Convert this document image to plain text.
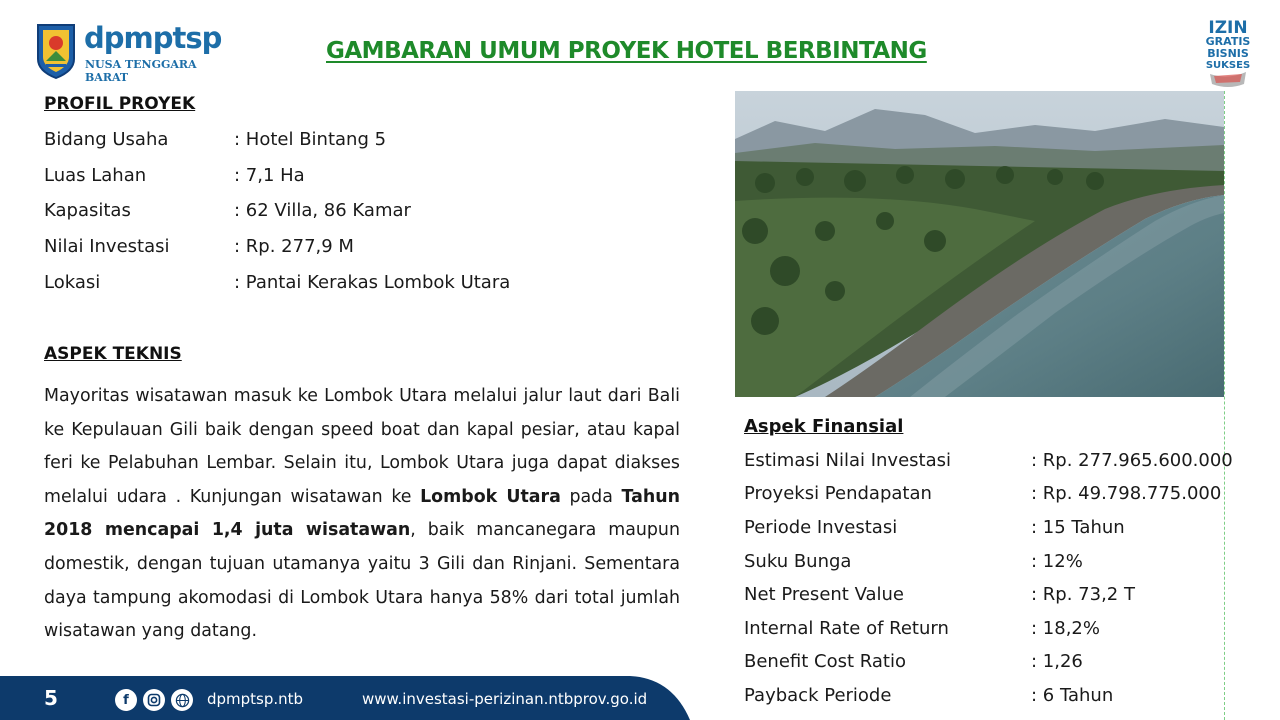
dpmptsp
NUSA TENGGARA BARAT
GAMBARAN UMUM PROYEK HOTEL BERBINTANG
IZIN
GRATIS
BISNIS
SUKSES
PROFIL PROYEK
Bidang Usaha	: Hotel Bintang 5
Luas Lahan	: 7,1 Ha
Kapasitas	: 62 Villa, 86 Kamar
Nilai Investasi	: Rp. 277,9 M
Lokasi	: Pantai Kerakas Lombok Utara
ASPEK TEKNIS
Mayoritas wisatawan masuk ke Lombok Utara melalui jalur laut dari Bali ke Kepulauan Gili baik dengan speed boat dan kapal pesiar, atau kapal feri ke Pelabuhan Lembar. Selain itu, Lombok Utara juga dapat diakses melalui udara . Kunjungan wisatawan ke Lombok Utara pada Tahun 2018 mencapai 1,4 juta wisatawan, baik mancanegara maupun domestik, dengan tujuan utamanya yaitu 3 Gili dan Rinjani. Sementara daya tampung akomodasi di Lombok Utara hanya 58% dari total jumlah wisatawan yang datang.
Aspek Finansial
Estimasi Nilai Investasi	: Rp. 277.965.600.000
Proyeksi Pendapatan	: Rp. 49.798.775.000
Periode Investasi	: 15 Tahun
Suku Bunga	: 12%
Net Present Value	: Rp. 73,2 T
Internal Rate of Return	: 18,2%
Benefit Cost Ratio	: 1,26
Payback Periode	: 6 Tahun
5	f	dpmptsp.ntb	www.investasi-perizinan.ntbprov.go.id
